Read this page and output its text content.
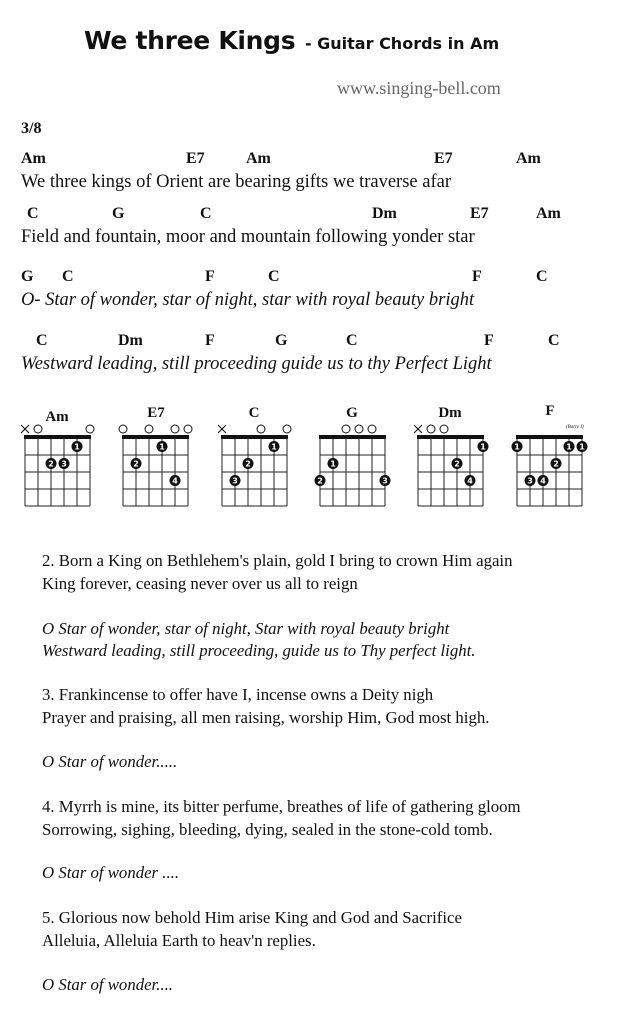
We three Kings - Guitar Chords in Am
www.singing-bell.com
3/8
Am	E7	Am	E7	Am
We three kings of Orient are bearing gifts we traverse afar
C	G	C	Dm	E7	Am
Field and fountain, moor and mountain following yonder star
G C	F	C	F	C
O- Star of wonder, star of night, star with royal beauty bright
C	Dm	F	G	C	F	C
Westward leading, still proceeding guide us to thy Perfect Light
Am	E7	C	G	Dm	F
(Barre I)
1
2 3
1
2
4
1
2
3
1
2	3
1
2
4
1	1 1
2
3 4
2. Born a King on Bethlehem's plain, gold I bring to crown Him again
King forever, ceasing never over us all to reign
O Star of wonder, star of night, Star with royal beauty bright
Westward leading, still proceeding, guide us to Thy perfect light.
3. Frankincense to offer have I, incense owns a Deity nigh
Prayer and praising, all men raising, worship Him, God most high.
O Star of wonder.....
4. Myrrh is mine, its bitter perfume, breathes of life of gathering gloom
Sorrowing, sighing, bleeding, dying, sealed in the stone-cold tomb.
O Star of wonder ....
5. Glorious now behold Him arise King and God and Sacrifice
Alleluia, Alleluia Earth to heav'n replies.
O Star of wonder....
